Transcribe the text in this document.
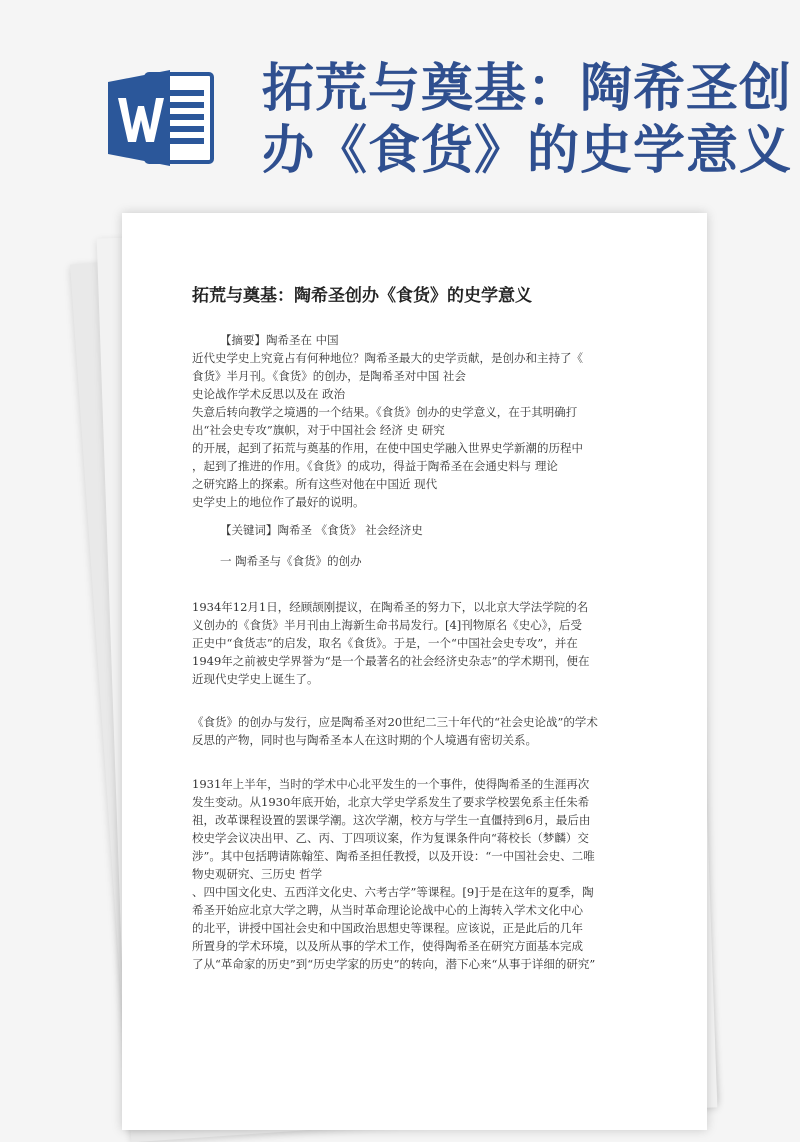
拓荒与奠基：陶希圣创
办《食货》的史学意义
拓荒与奠基：陶希圣创办《食货》的史学意义
【摘要】陶希圣在 中国
近代史学史上究竟占有何种地位？陶希圣最大的史学贡献，是创办和主持了《
食货》半月刊。《食货》的创办，是陶希圣对中国 社会
史论战作学术反思以及在 政治
失意后转向教学之境遇的一个结果。《食货》创办的史学意义，在于其明确打
出“社会史专攻”旗帜，对于中国社会 经济 史 研究
的开展，起到了拓荒与奠基的作用，在使中国史学融入世界史学新潮的历程中
，起到了推进的作用。《食货》的成功，得益于陶希圣在会通史料与 理论
之研究路上的探索。所有这些对他在中国近 现代
史学史上的地位作了最好的说明。
【关键词】陶希圣 《食货》 社会经济史
一 陶希圣与《食货》的创办
1934年12月1日，经顾颉刚提议，在陶希圣的努力下，以北京大学法学院的名
义创办的《食货》半月刊由上海新生命书局发行。[4]刊物原名《史心》，后受
正史中“食货志”的启发，取名《食货》。于是，一个“中国社会史专攻”，并在
1949年之前被史学界誉为“是一个最著名的社会经济史杂志”的学术期刊，便在
近现代史学史上诞生了。
《食货》的创办与发行，应是陶希圣对20世纪二三十年代的“社会史论战”的学术
反思的产物，同时也与陶希圣本人在这时期的个人境遇有密切关系。
1931年上半年，当时的学术中心北平发生的一个事件，使得陶希圣的生涯再次
发生变动。从1930年底开始，北京大学史学系发生了要求学校罢免系主任朱希
祖，改革课程设置的罢课学潮。这次学潮，校方与学生一直僵持到6月，最后由
校史学会议决出甲、乙、丙、丁四项议案，作为复课条件向“蒋校长（梦麟）交
涉”。其中包括聘请陈翰笙、陶希圣担任教授，以及开设：“一中国社会史、二唯
物史观研究、三历史 哲学
、四中国文化史、五西洋文化史、六考古学”等课程。[9]于是在这年的夏季，陶
希圣开始应北京大学之聘，从当时革命理论论战中心的上海转入学术文化中心
的北平，讲授中国社会史和中国政治思想史等课程。应该说，正是此后的几年
所置身的学术环境，以及所从事的学术工作，使得陶希圣在研究方面基本完成
了从“革命家的历史”到“历史学家的历史”的转向，潜下心来“从事于详细的研究”
